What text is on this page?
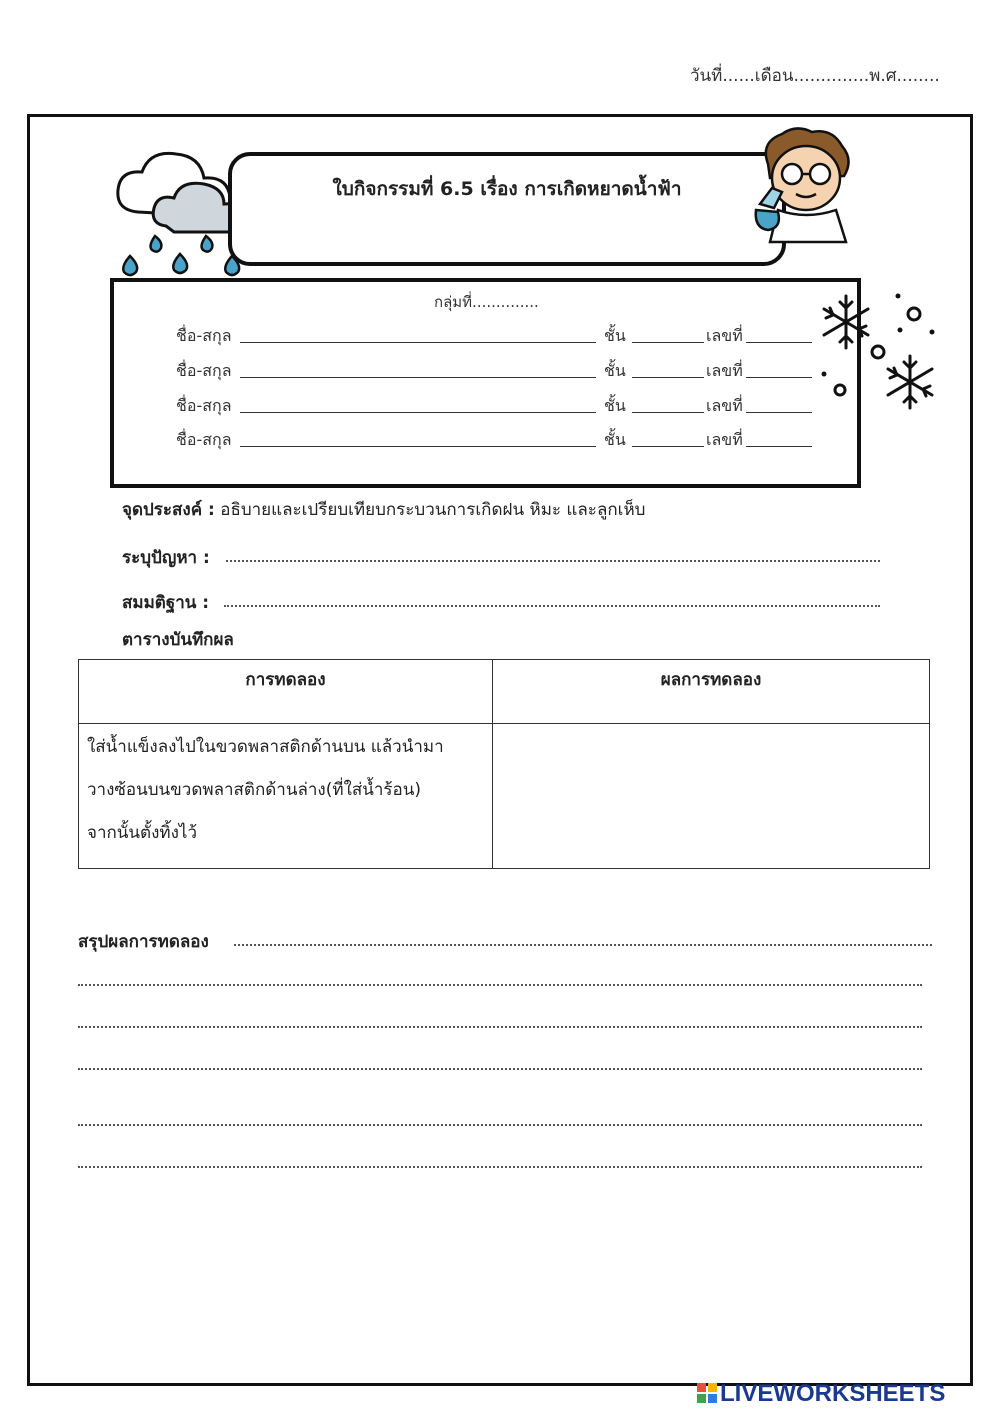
วันที่......เดือน..............พ.ศ........
ใบกิจกรรมที่ 6.5 เรื่อง การเกิดหยาดน้ำฟ้า
กลุ่มที่..............
ชื่อ-สกุล	ชั้น	เลขที่
ชื่อ-สกุล	ชั้น	เลขที่
ชื่อ-สกุล	ชั้น	เลขที่
ชื่อ-สกุล	ชั้น	เลขที่
จุดประสงค์ : อธิบายและเปรียบเทียบกระบวนการเกิดฝน หิมะ และลูกเห็บ
ระบุปัญหา :
สมมติฐาน :
ตารางบันทึกผล
การทดลอง	ผลการทดลอง

ใส่น้ำแข็งลงไปในขวดพลาสติกด้านบน แล้วนำมา
วางซ้อนบนขวดพลาสติกด้านล่าง(ที่ใส่น้ำร้อน)
จากนั้นตั้งทิ้งไว้	

สรุปผลการทดลอง
LIVEWORKSHEETS
